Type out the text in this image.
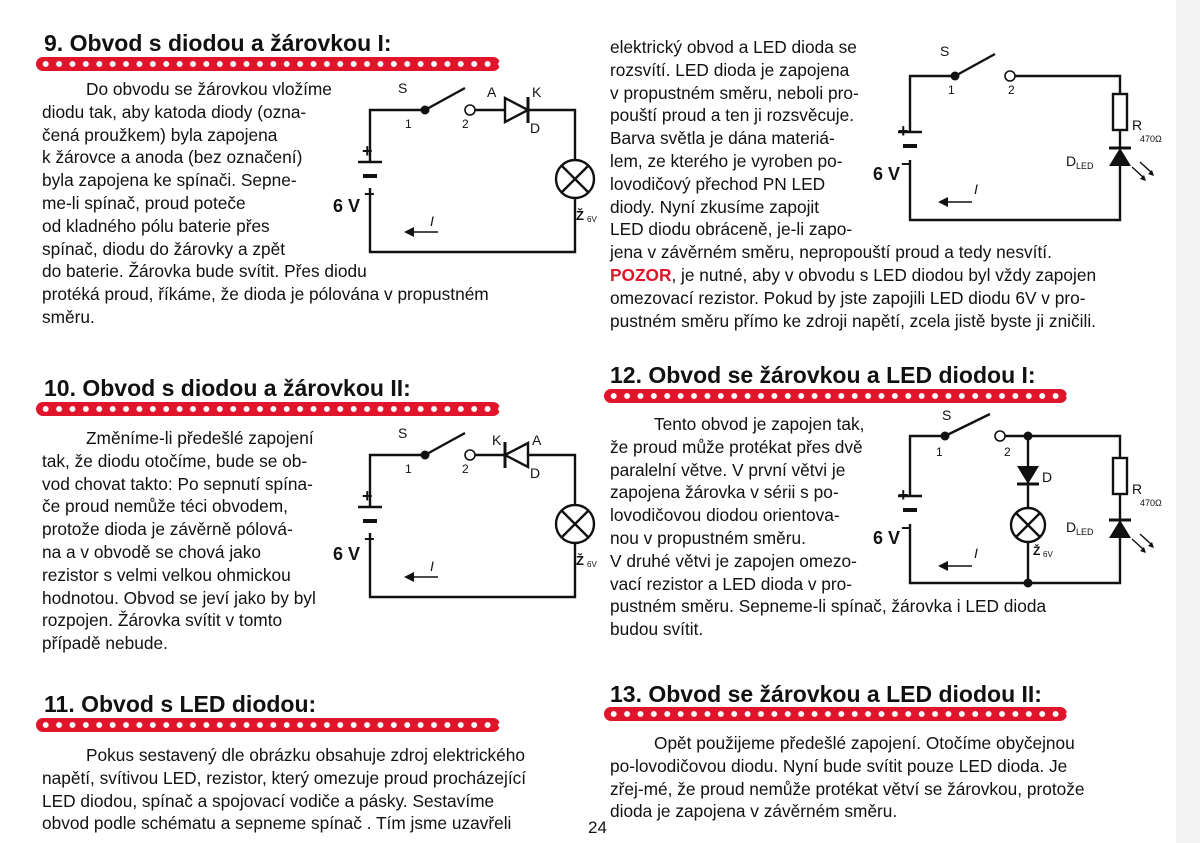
9. Obvod s diodou a žárovkou I:
Do obvodu se žárovkou vložíme
diodu tak, aby katoda diody (ozna-
čená proužkem) byla zapojena
k žárovce a anoda (bez označení)
byla zapojena ke spínači. Sepne-
me-li spínač, proud poteče
od kladného pólu baterie přes
spínač, diodu do žárovky a zpět
do baterie. Žárovka bude svítit. Přes diodu
protéká proud, říkáme, že dioda je pólována v propustném
směru.
+
−
S
1	2
A	K
D
6 V
I	Ž 6V
10. Obvod s diodou a žárovkou II:
Změníme-li předešlé zapojení
tak, že diodu otočíme, bude se ob-
vod chovat takto: Po sepnutí spína-
če proud nemůže téci obvodem,
protože dioda je závěrně pólová-
na a v obvodě se chová jako
rezistor s velmi velkou ohmickou
hodnotou. Obvod se jeví jako by byl
rozpojen. Žárovka svítit v tomto
případě nebude.
+
−
S
1	2
K A
D
6 V
I	Ž 6V
11. Obvod s LED diodou:
Pokus sestavený dle obrázku obsahuje zdroj elektrického
napětí, svítivou LED, rezistor, který omezuje proud procházející
LED diodou, spínač a spojovací vodiče a pásky. Sestavíme
obvod podle schématu a sepneme spínač . Tím jsme uzavřeli	24
elektrický obvod a LED dioda se
rozsvítí. LED dioda je zapojena
v propustném směru, neboli pro-
pouští proud a ten ji rozsvěcuje.
Barva světla je dána materiá-
lem, ze kterého je vyroben po-
lovodičový přechod PN LED
diody. Nyní zkusíme zapojit
LED diodu obráceně, je-li zapo-
jena v závěrném směru, nepropouští proud a tedy nesvítí.
POZOR, je nutné, aby v obvodu s LED diodou byl vždy zapojen
omezovací rezistor. Pokud by jste zapojili LED diodu 6V v pro-
pustném směru přímo ke zdroji napětí, zcela jistě byste ji zničili.
+
−
S
1	2
R
470Ω
D LED
6 V
I
12. Obvod se žárovkou a LED diodou I:
Tento obvod je zapojen tak,
že proud může protékat přes dvě
paralelní větve. V první větvi je
zapojena žárovka v sérii s po-
lovodičovou diodou orientova-
nou v propustném směru.
V druhé větvi je zapojen omezo-
vací rezistor a LED dioda v pro-
pustném směru. Sepneme-li spínač, žárovka i LED dioda
budou svítit.
+
−
S
1	2
D
Ž 6V
R
470Ω
D LED
6 V
I
13. Obvod se žárovkou a LED diodou II:
Opět použijeme předešlé zapojení. Otočíme obyčejnou
po-lovodičovou diodu. Nyní bude svítit pouze LED dioda. Je
zřej-mé, že proud nemůže protékat větví se žárovkou, protože
dioda je zapojena v závěrném směru.
